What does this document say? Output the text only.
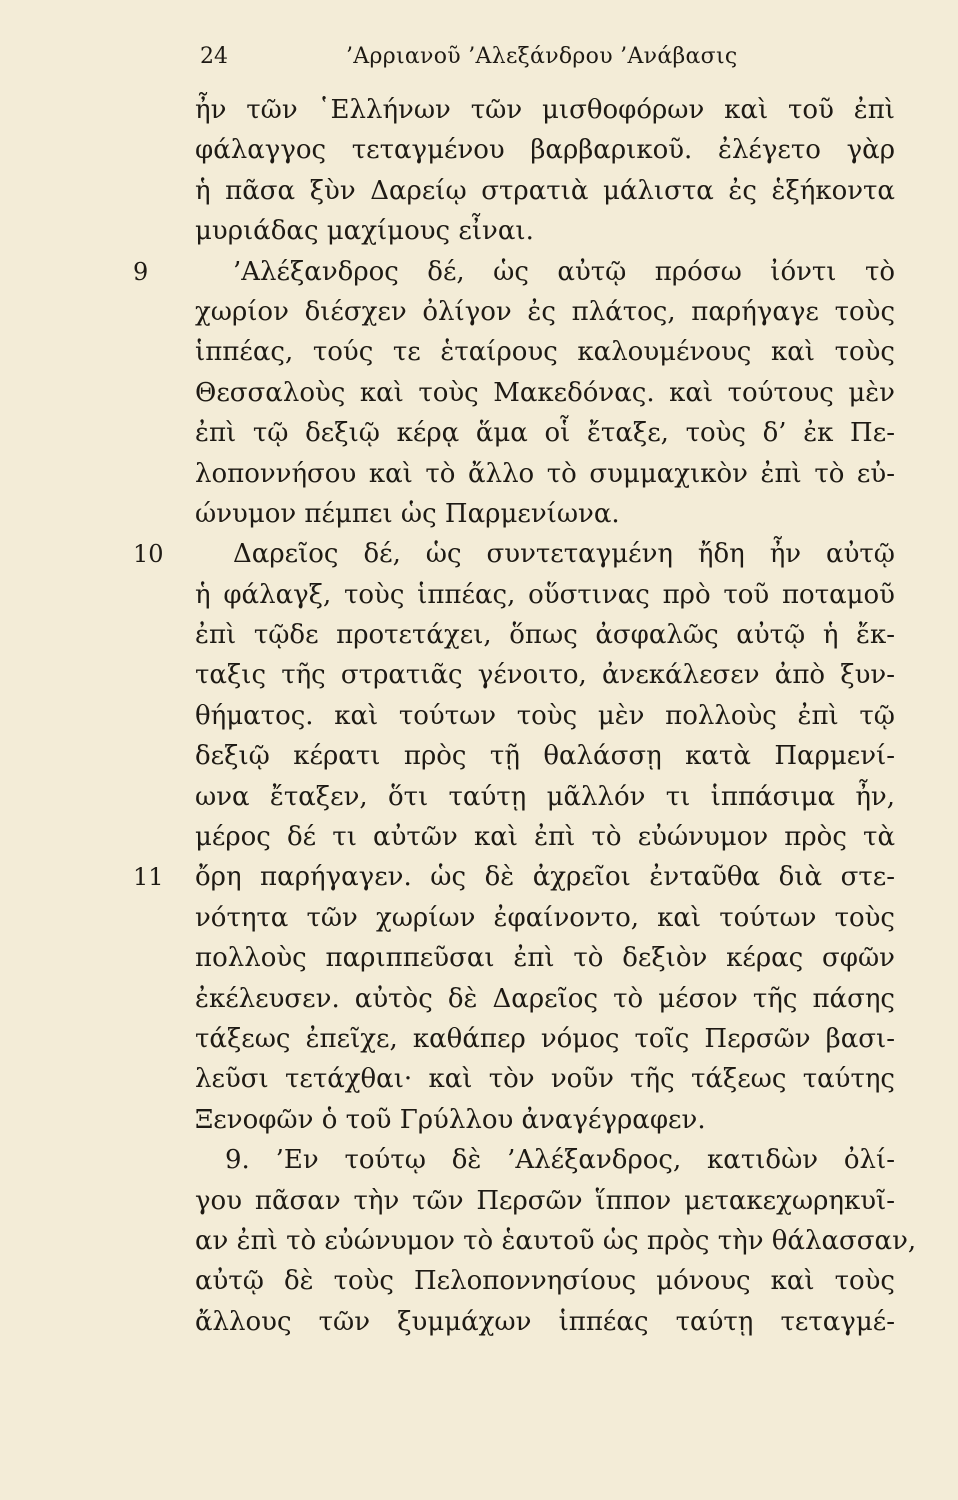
24	’Αρριανοῦ ’Αλεξάνδρου ’Ανάβασις
ἦν τῶν ῾Ελλήνων τῶν μισθοφόρων καὶ τοῦ ἐπὶ
φάλαγγος τεταγμένου βαρβαρικοῦ. ἐλέγετο γὰρ
ἡ πᾶσα ξὺν Δαρείῳ στρατιὰ μάλιστα ἐς ἑξήκοντα
μυριάδας μαχίμους εἶναι.
9	’Αλέξανδρος δέ, ὡς αὐτῷ πρόσω ἰόντι τὸ
χωρίον διέσχεν ὀλίγον ἐς πλάτος, παρήγαγε τοὺς
ἱππέας, τούς τε ἑταίρους καλουμένους καὶ τοὺς
Θεσσαλοὺς καὶ τοὺς Μακεδόνας. καὶ τούτους μὲν
ἐπὶ τῷ δεξιῷ κέρᾳ ἅμα οἷ ἔταξε, τοὺς δ’ ἐκ Πε-
λοποννήσου καὶ τὸ ἄλλο τὸ συμμαχικὸν ἐπὶ τὸ εὐ-
ώνυμον πέμπει ὡς Παρμενίωνα.
10	Δαρεῖος δέ, ὡς συντεταγμένη ἤδη ἦν αὐτῷ
ἡ φάλαγξ, τοὺς ἱππέας, οὕστινας πρὸ τοῦ ποταμοῦ
ἐπὶ τῷδε προτετάχει, ὅπως ἀσφαλῶς αὐτῷ ἡ ἔκ-
ταξις τῆς στρατιᾶς γένοιτο, ἀνεκάλεσεν ἀπὸ ξυν-
θήματος. καὶ τούτων τοὺς μὲν πολλοὺς ἐπὶ τῷ
δεξιῷ κέρατι πρὸς τῇ θαλάσσῃ κατὰ Παρμενί-
ωνα ἔταξεν, ὅτι ταύτῃ μᾶλλόν τι ἱππάσιμα ἦν,
μέρος δέ τι αὐτῶν καὶ ἐπὶ τὸ εὐώνυμον πρὸς τὰ
11	ὄρη παρήγαγεν. ὡς δὲ ἀχρεῖοι ἐνταῦθα διὰ στε-
νότητα τῶν χωρίων ἐφαίνοντο, καὶ τούτων τοὺς
πολλοὺς παριππεῦσαι ἐπὶ τὸ δεξιὸν κέρας σφῶν
ἐκέλευσεν. αὐτὸς δὲ Δαρεῖος τὸ μέσον τῆς πάσης
τάξεως ἐπεῖχε, καθάπερ νόμος τοῖς Περσῶν βασι-
λεῦσι τετάχθαι· καὶ τὸν νοῦν τῆς τάξεως ταύτης
Ξενοφῶν ὁ τοῦ Γρύλλου ἀναγέγραφεν.
9. ’Εν τούτῳ δὲ ’Αλέξανδρος, κατιδὼν ὀλί-
γου πᾶσαν τὴν τῶν Περσῶν ἵππον μετακεχωρηκυῖ-
αν ἐπὶ τὸ εὐώνυμον τὸ ἑαυτοῦ ὡς πρὸς τὴν θάλασσαν,
αὐτῷ δὲ τοὺς Πελοποννησίους μόνους καὶ τοὺς
ἄλλους τῶν ξυμμάχων ἱππέας ταύτῃ τεταγμέ-
